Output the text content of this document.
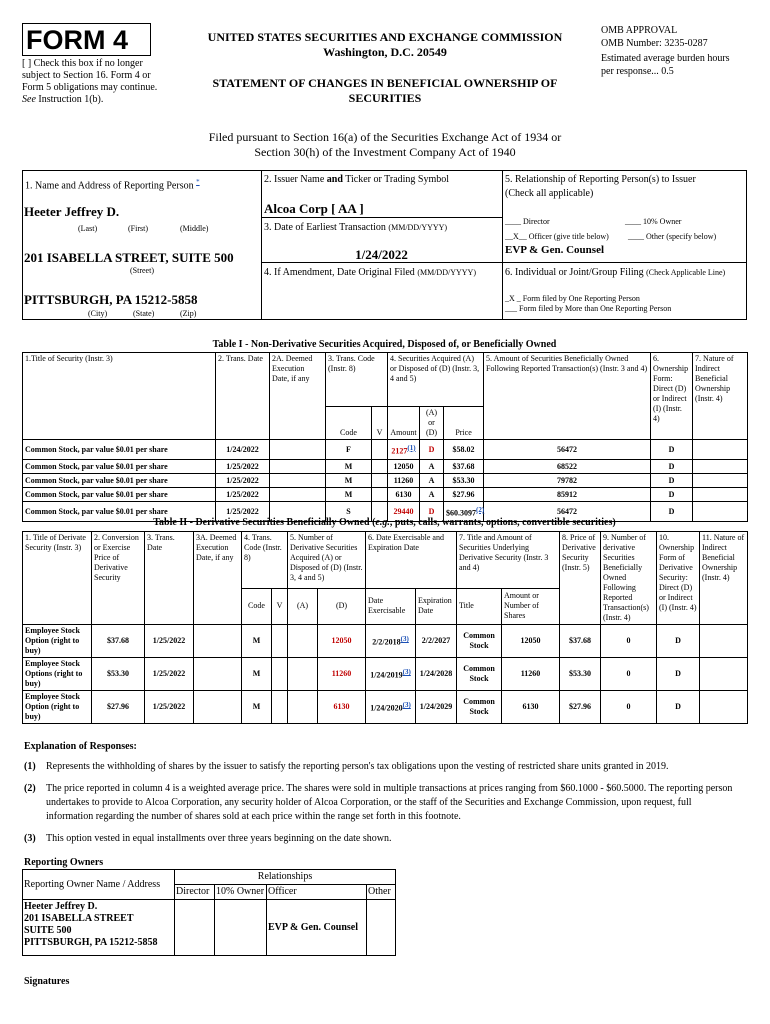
FORM 4
[ ] Check this box if no longer subject to Section 16. Form 4 or Form 5 obligations may continue. See Instruction 1(b).
UNITED STATES SECURITIES AND EXCHANGE COMMISSION
Washington, D.C. 20549
STATEMENT OF CHANGES IN BENEFICIAL OWNERSHIP OF SECURITIES
OMB APPROVAL
OMB Number: 3235-0287
Estimated average burden hours per response... 0.5
Filed pursuant to Section 16(a) of the Securities Exchange Act of 1934 or
Section 30(h) of the Investment Company Act of 1940
1. Name and Address of Reporting Person *
Heeter Jeffrey D.
(Last)	(First)	(Middle)
201 ISABELLA STREET, SUITE 500
(Street)
PITTSBURGH, PA 15212-5858
(City)	(State)	(Zip)
2. Issuer Name and Ticker or Trading Symbol
Alcoa Corp [ AA ]
3. Date of Earliest Transaction (MM/DD/YYYY)
1/24/2022
4. If Amendment, Date Original Filed (MM/DD/YYYY)
5. Relationship of Reporting Person(s) to Issuer
(Check all applicable)
____ Director	____ 10% Owner
__X__ Officer (give title below) ____ Other (specify below)
EVP & Gen. Counsel
6. Individual or Joint/Group Filing (Check Applicable Line)
_X _ Form filed by One Reporting Person
___ Form filed by More than One Reporting Person
Table I - Non-Derivative Securities Acquired, Disposed of, or Beneficially Owned
1.Title of Security (Instr. 3)	2. Trans. Date	2A. Deemed Execution Date, if any	3. Trans. Code (Instr. 8)		4. Securities Acquired (A) or Disposed of (D) (Instr. 3, 4 and 5)			5. Amount of Securities Beneficially Owned Following Reported Transaction(s) (Instr. 3 and 4)	6. Ownership Form: Direct (D) or Indirect (I) (Instr. 4)	7. Nature of Indirect Beneficial Ownership (Instr. 4)
			Code	V	Amount	(A) or (D)	Price			
Common Stock, par value $0.01 per share	1/24/2022		F		2127(1)	D	$58.02	56472	D	
Common Stock, par value $0.01 per share	1/25/2022		M		12050	A	$37.68	68522	D	
Common Stock, par value $0.01 per share	1/25/2022		M		11260	A	$53.30	79782	D	
Common Stock, par value $0.01 per share	1/25/2022		M		6130	A	$27.96	85912	D	
Common Stock, par value $0.01 per share	1/25/2022		S		29440	D	$60.3097(2)	56472	D	
Table II - Derivative Securities Beneficially Owned (e.g., puts, calls, warrants, options, convertible securities)
1. Title of Derivate Security (Instr. 3)	2. Conversion or Exercise Price of Derivative Security	3. Trans. Date	3A. Deemed Execution Date, if any	4. Trans. Code (Instr. 8)		5. Number of Derivative Securities Acquired (A) or Disposed of (D) (Instr. 3, 4 and 5)		6. Date Exercisable and Expiration Date		7. Title and Amount of Securities Underlying Derivative Security (Instr. 3 and 4)		8. Price of Derivative Security (Instr. 5)	9. Number of derivative Securities Beneficially Owned Following Reported Transaction(s) (Instr. 4)	10. Ownership Form of Derivative Security: Direct (D) or Indirect (I) (Instr. 4)	11. Nature of Indirect Beneficial Ownership (Instr. 4)
				Code	V	(A)	(D)	Date Exercisable	Expiration Date	Title	Amount or Number of Shares				
Employee Stock Option (right to buy)	$37.68	1/25/2022		M			12050	2/2/2018(3)	2/2/2027	Common Stock	12050	$37.68	0	D	
Employee Stock Options (right to buy)	$53.30	1/25/2022		M			11260	1/24/2019(3)	1/24/2028	Common Stock	11260	$53.30	0	D	
Employee Stock Option (right to buy)	$27.96	1/25/2022		M			6130	1/24/2020(3)	1/24/2029	Common Stock	6130	$27.96	0	D	
Explanation of Responses:
(1)	Represents the withholding of shares by the issuer to satisfy the reporting person's tax obligations upon the vesting of restricted share units granted in 2019.
(2)	The price reported in column 4 is a weighted average price. The shares were sold in multiple transactions at prices ranging from $60.1000 - $60.5000. The reporting person undertakes to provide to Alcoa Corporation, any security holder of Alcoa Corporation, or the staff of the Securities and Exchange Commission, upon request, full information regarding the number of shares sold at each price within the range set forth in this footnote.
(3)	This option vested in equal installments over three years beginning on the date shown.
Reporting Owners
Reporting Owner Name / Address	Relationships			
	Director	10% Owner	Officer	Other

Heeter Jeffrey D.
201 ISABELLA STREET
SUITE 500
PITTSBURGH, PA 15212-5858			EVP & Gen. Counsel	
Signatures
